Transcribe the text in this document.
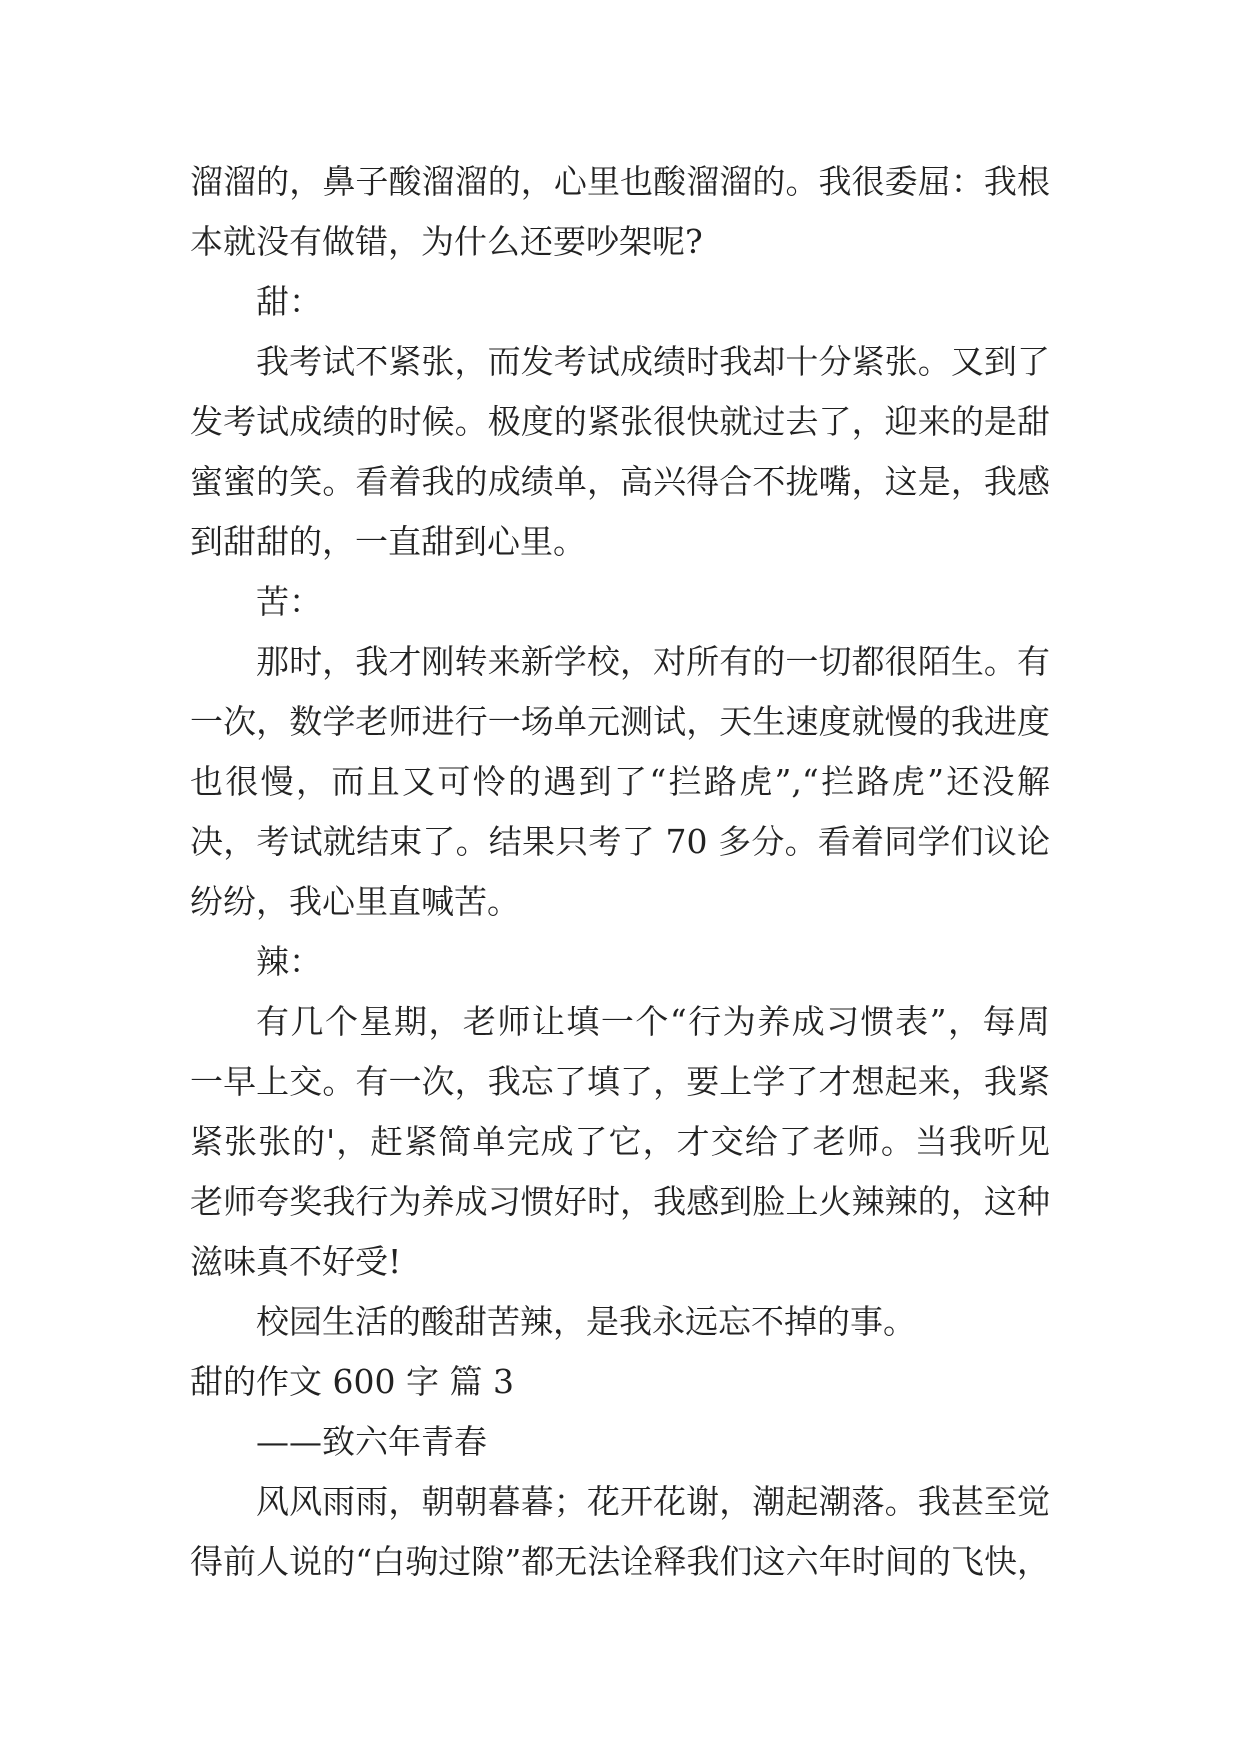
溜溜的，鼻子酸溜溜的，心里也酸溜溜的。我很委屈：我根
本就没有做错，为什么还要吵架呢?
甜：
我考试不紧张，而发考试成绩时我却十分紧张。又到了
发考试成绩的时候。极度的紧张很快就过去了，迎来的是甜
蜜蜜的笑。看着我的成绩单，高兴得合不拢嘴，这是，我感
到甜甜的，一直甜到心里。
苦：
那时，我才刚转来新学校，对所有的一切都很陌生。有
一次，数学老师进行一场单元测试，天生速度就慢的我进度
也很慢，而且又可怜的遇到了“拦路虎”,“拦路虎”还没解
决，考试就结束了。结果只考了 70 多分。看着同学们议论
纷纷，我心里直喊苦。
辣：
有几个星期，老师让填一个“行为养成习惯表”，每周
一早上交。有一次，我忘了填了，要上学了才想起来，我紧
紧张张的'，赶紧简单完成了它，才交给了老师。当我听见
老师夸奖我行为养成习惯好时，我感到脸上火辣辣的，这种
滋味真不好受!
校园生活的酸甜苦辣，是我永远忘不掉的事。
甜的作文 600 字 篇 3
——致六年青春
风风雨雨，朝朝暮暮；花开花谢，潮起潮落。我甚至觉
得前人说的“白驹过隙”都无法诠释我们这六年时间的飞快，
